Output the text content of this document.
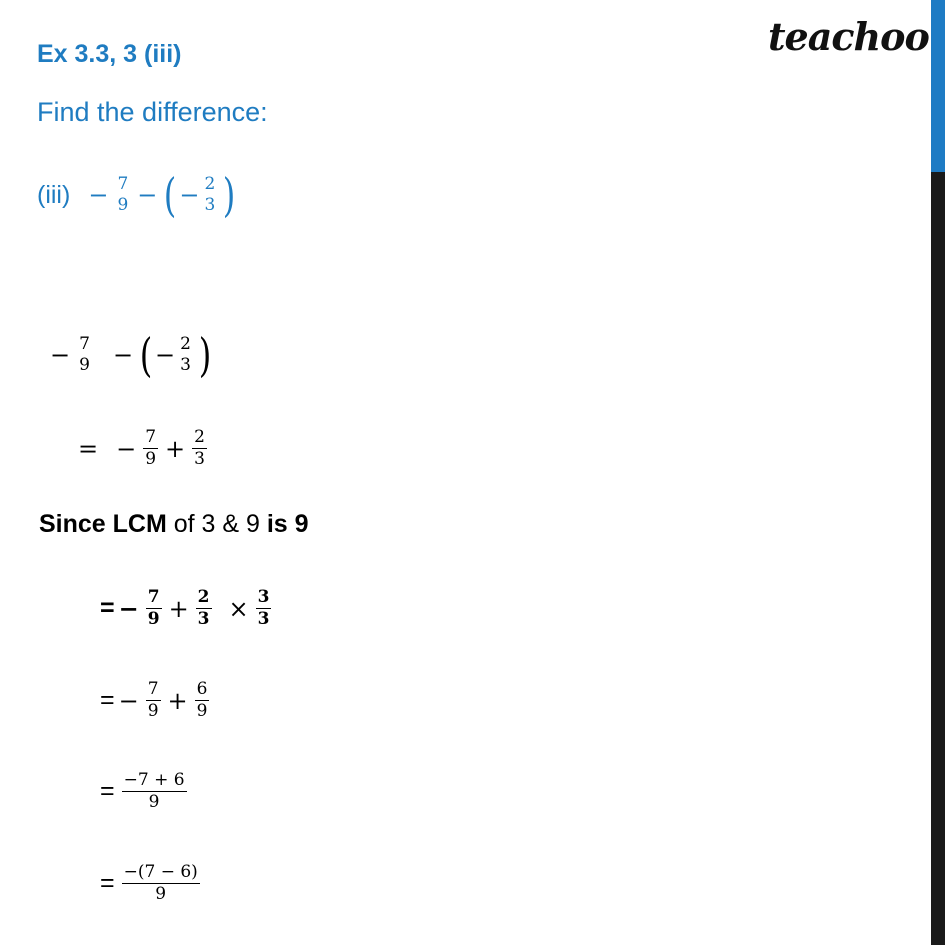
Ex 3.3, 3 (iii)	teachoo
Find the difference:
(iii) − 7
9 − ( − 2
3 )
− 7
9 − ( − 2
3 )
= − $\frac{7}{9} + \frac{2}{3}$
Since LCM of 3 & 9 is 9
= − $\frac{7}{9} + \frac{2}{3} \times \frac{3}{3}$
= − $\frac{7}{9} + \frac{6}{9}$
= $\frac{-7 + 6}{9}$
= $\frac{-(7 - 6)}{9}$
